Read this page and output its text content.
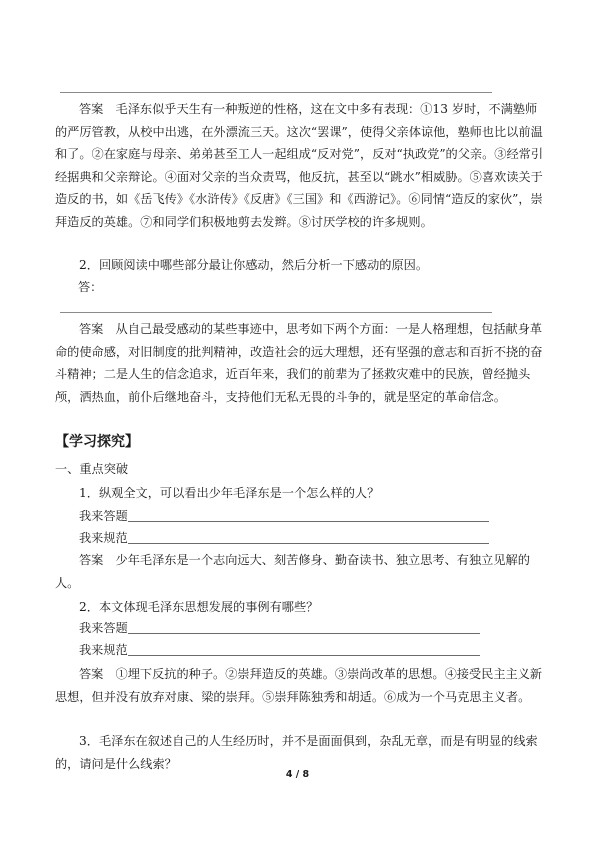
答案　毛泽东似乎天生有一种叛逆的性格，这在文中多有表现：①13 岁时，不满塾师的严厉管教，从校中出逃，在外漂流三天。这次“罢课”，使得父亲体谅他，塾师也比以前温和了。②在家庭与母亲、弟弟甚至工人一起组成“反对党”，反对“执政党”的父亲。③经常引经据典和父亲辩论。④面对父亲的当众责骂，他反抗，甚至以“跳水”相威胁。⑤喜欢读关于造反的书，如《岳飞传》《水浒传》《反唐》《三国》和《西游记》。⑥同情“造反的家伙”，崇拜造反的英雄。⑦和同学们积极地剪去发辫。⑧讨厌学校的许多规则。

2．回顾阅读中哪些部分最让你感动，然后分析一下感动的原因。

答：

答案　从自己最受感动的某些事迹中，思考如下两个方面：一是人格理想，包括献身革命的使命感，对旧制度的批判精神，改造社会的远大理想，还有坚强的意志和百折不挠的奋斗精神；二是人生的信念追求，近百年来，我们的前辈为了拯救灾难中的民族，曾经抛头颅，洒热血，前仆后继地奋斗，支持他们无私无畏的斗争的，就是坚定的革命信念。

【学习探究】
一、重点突破

1．纵观全文，可以看出少年毛泽东是一个怎么样的人？

我来答题
我来规范

答案　少年毛泽东是一个志向远大、刻苦修身、勤奋读书、独立思考、有独立见解的人。

2．本文体现毛泽东思想发展的事例有哪些？

我来答题
我来规范

答案　①埋下反抗的种子。②崇拜造反的英雄。③崇尚改革的思想。④接受民主主义新思想，但并没有放弃对康、梁的崇拜。⑤崇拜陈独秀和胡适。⑥成为一个马克思主义者。

3．毛泽东在叙述自己的人生经历时，并不是面面俱到，杂乱无章，而是有明显的线索的，请问是什么线索？

4 / 8
